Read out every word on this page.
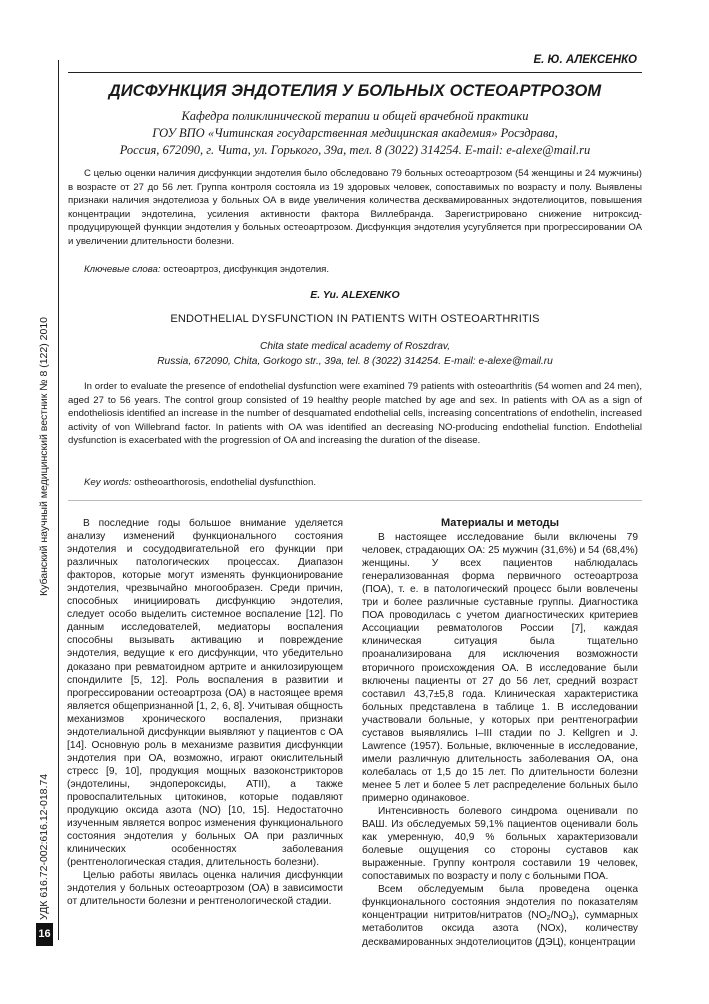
Е. Ю. АЛЕКСЕНКО
Кубанский научный медицинский вестник № 8 (122) 2010
УДК 616.72-002:616.12-018.74
16
ДИСФУНКЦИЯ ЭНДОТЕЛИЯ У БОЛЬНЫХ ОСТЕОАРТРОЗОМ
Кафедра поликлинической терапии и общей врачебной практики
ГОУ ВПО «Читинская государственная медицинская академия» Росздрава,
Россия, 672090, г. Чита, ул. Горького, 39а, тел. 8 (3022) 314254. E-mail: e-alexe@mail.ru

С целью оценки наличия дисфункции эндотелия было обследовано 79 больных остеоартрозом (54 женщины и 24 мужчины) в возрасте от 27 до 56 лет. Группа контроля состояла из 19 здоровых человек, сопоставимых по возрасту и полу. Выявлены признаки наличия эндотелиоза у больных ОА в виде увеличения количества десквамированных эндотелиоцитов, повышения концентрации эндотелина, усиления активности фактора Виллебранда. Зарегистрировано снижение нитроксид-продуцирующей функции эндотелия у больных остеоартрозом. Дисфункция эндотелия усугубляется при прогрессировании ОА и увеличении длительности болезни.

Ключевые слова: остеоартроз, дисфункция эндотелия.
E. Yu. ALEXENKO
ENDOTHELIAL DYSFUNCTION IN PATIENTS WITH OSTEOARTHRITIS
Chita state medical academy of Roszdrav,
Russia, 672090, Chita, Gorkogo str., 39a, tel. 8 (3022) 314254. E-mail: e-alexe@mail.ru

In order to evaluate the presence of endothelial dysfunction were examined 79 patients with osteoarthritis (54 women and 24 men), aged 27 to 56 years. The control group consisted of 19 healthy people matched by age and sex. In patients with OA as a sign of endotheliosis identified an increase in the number of desquamated endothelial cells, increasing concentrations of endothelin, increased activity of von Willebrand factor. In patients with OA was identified an decreasing NO-producing endothelial function. Endothelial dysfunction is exacerbated with the progression of OA and increasing the duration of the disease.

Key words: ostheoarthorosis, endothelial dysfuncthion.

В последние годы большое внимание уделяется анализу изменений функционального состояния эндотелия и сосудодвигательной его функции при различных патологических процессах. Диапазон факторов, которые могут изменять функционирование эндотелия, чрезвычайно многообразен. Среди причин, способных инициировать дисфункцию эндотелия, следует особо выделить системное воспаление [12]. По данным исследователей, медиаторы воспаления способны вызывать активацию и повреждение эндотелия, ведущие к его дисфункции, что убедительно доказано при ревматоидном артрите и анкилозирующем спондилите [5, 12]. Роль воспаления в развитии и прогрессировании остеоартроза (ОА) в настоящее время является общепризнанной [1, 2, 6, 8]. Учитывая общность механизмов хронического воспаления, признаки эндотелиальной дисфункции выявляют у пациентов с ОА [14]. Основную роль в механизме развития дисфункции эндотелия при ОА, возможно, играют окислительный стресс [9, 10], продукция мощных вазоконстрикторов (эндотелины, эндопероксиды, ATII), а также провоспалительных цитокинов, которые подавляют продукцию оксида азота (NO) [10, 15]. Недостаточно изученным является вопрос изменения функционального состояния эндотелия у больных ОА при различных клинических особенностях заболевания (рентгенологическая стадия, длительность болезни).

Целью работы явилась оценка наличия дисфункции эндотелия у больных остеоартрозом (ОА) в зависимости от длительности болезни и рентгенологической стадии.

Материалы и методы

В настоящее исследование были включены 79 человек, страдающих ОА: 25 мужчин (31,6%) и 54 (68,4%) женщины. У всех пациентов наблюдалась генерализованная форма первичного остеоартроза (ПОА), т. е. в патологический процесс были вовлечены три и более различные суставные группы. Диагностика ПОА проводилась с учетом диагностических критериев Ассоциации ревматологов России [7], каждая клиническая ситуация была тщательно проанализирована для исключения возможности вторичного происхождения ОА. В исследование были включены пациенты от 27 до 56 лет, средний возраст составил 43,7±5,8 года. Клиническая характеристика больных представлена в таблице 1. В исследовании участвовали больные, у которых при рентгенографии суставов выявлялись I–III стадии по J. Kellgren и J. Lawrence (1957). Больные, включенные в исследование, имели различную длительность заболевания ОА, она колебалась от 1,5 до 15 лет. По длительности болезни менее 5 лет и более 5 лет распределение больных было примерно одинаковое.

Интенсивность болевого синдрома оценивали по ВАШ. Из обследуемых 59,1% пациентов оценивали боль как умеренную, 40,9 % больных характеризовали болевые ощущения со стороны суставов как выраженные. Группу контроля составили 19 человек, сопоставимых по возрасту и полу с больными ПОА.

Всем обследуемым была проведена оценка функционального состояния эндотелия по показателям концентрации нитритов/нитратов $(NO_2/NO_3)$, суммарных метаболитов оксида азота (NOx), количеству десквамированных эндотелиоцитов (ДЭЦ), концентрации
